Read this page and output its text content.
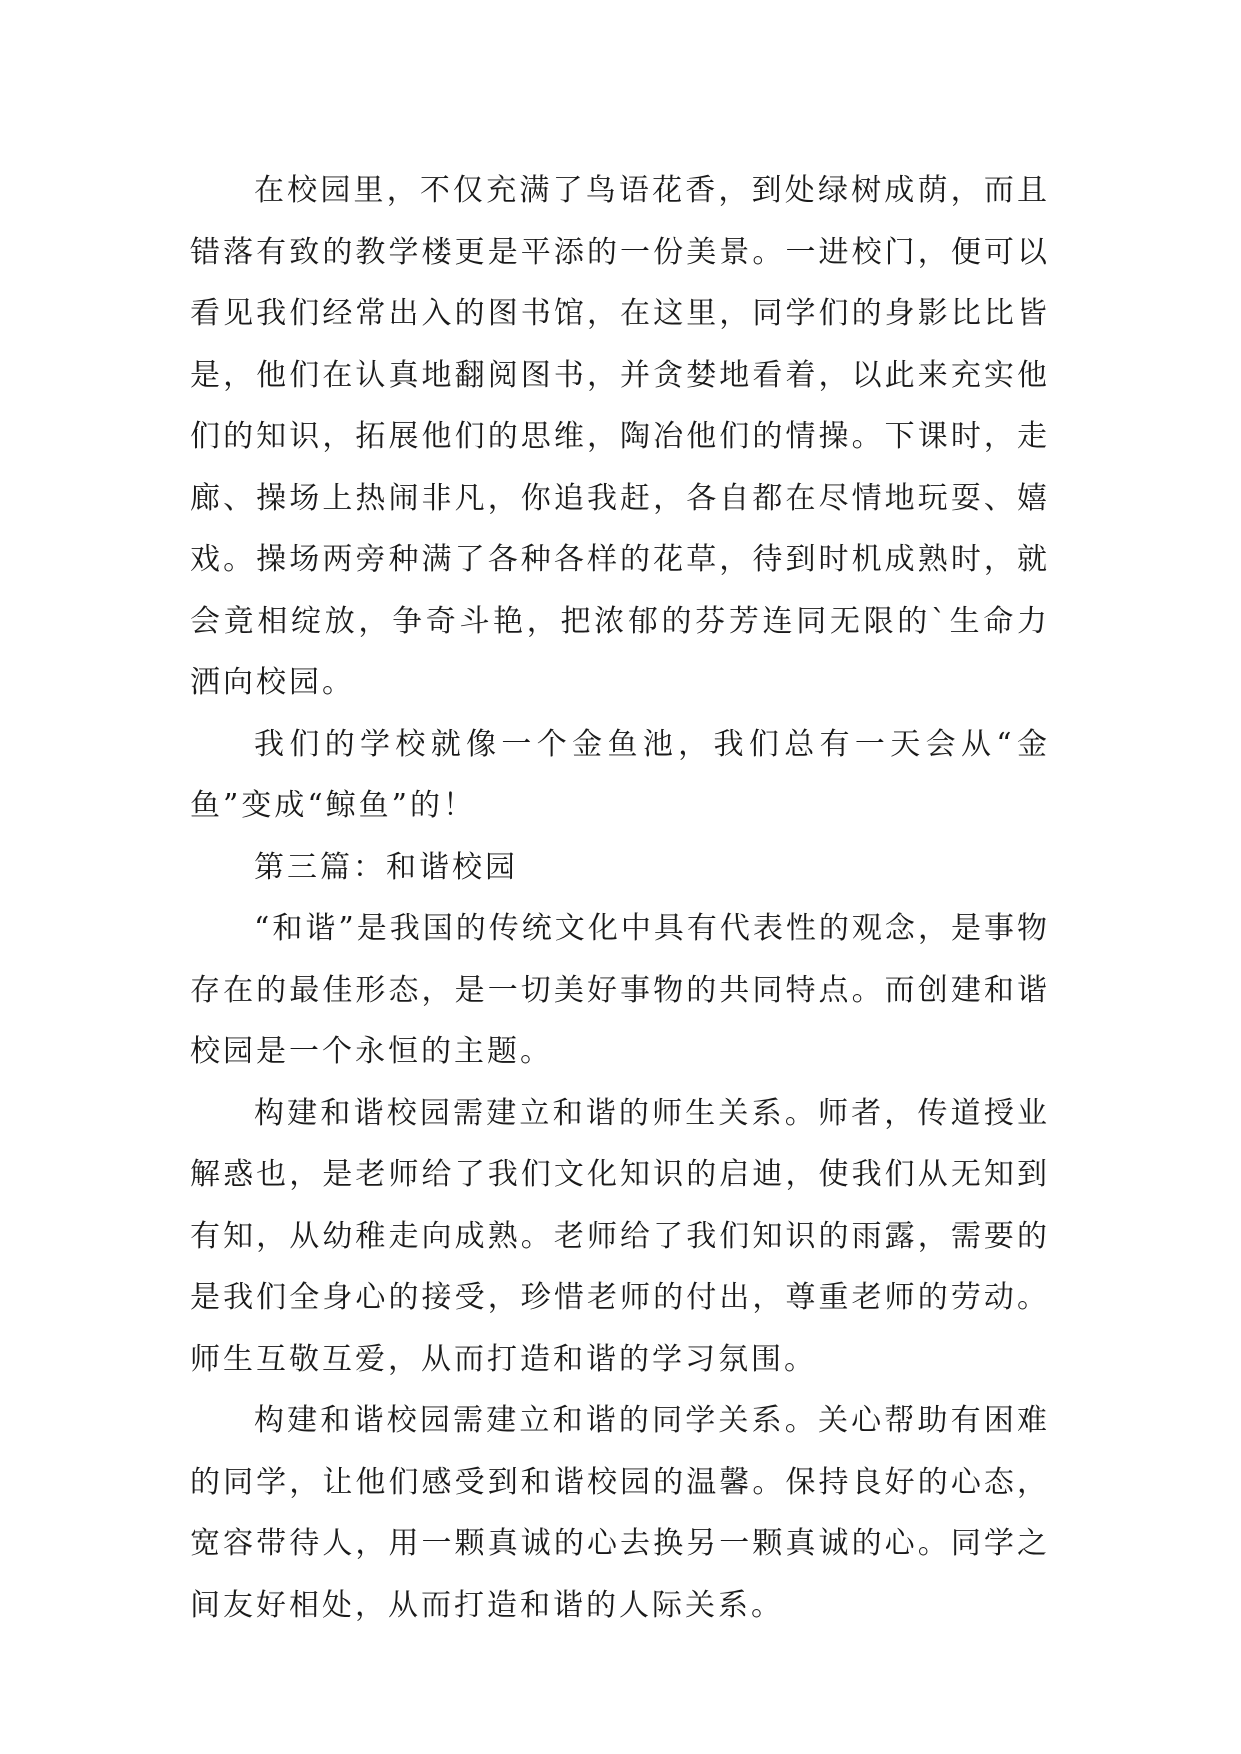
在校园里，不仅充满了鸟语花香，到处绿树成荫，而且错落有致的教学楼更是平添的一份美景。一进校门，便可以看见我们经常出入的图书馆，在这里，同学们的身影比比皆是，他们在认真地翻阅图书，并贪婪地看着，以此来充实他们的知识，拓展他们的思维，陶冶他们的情操。下课时，走廊、操场上热闹非凡，你追我赶，各自都在尽情地玩耍、嬉戏。操场两旁种满了各种各样的花草，待到时机成熟时，就会竟相绽放，争奇斗艳，把浓郁的芬芳连同无限的`生命力洒向校园。

我们的学校就像一个金鱼池，我们总有一天会从“金鱼”变成“鲸鱼”的！

第三篇：和谐校园

“和谐”是我国的传统文化中具有代表性的观念，是事物存在的最佳形态，是一切美好事物的共同特点。而创建和谐校园是一个永恒的主题。

构建和谐校园需建立和谐的师生关系。师者，传道授业解惑也，是老师给了我们文化知识的启迪，使我们从无知到有知，从幼稚走向成熟。老师给了我们知识的雨露，需要的是我们全身心的接受，珍惜老师的付出，尊重老师的劳动。师生互敬互爱，从而打造和谐的学习氛围。

构建和谐校园需建立和谐的同学关系。关心帮助有困难的同学，让他们感受到和谐校园的温馨。保持良好的心态，宽容带待人，用一颗真诚的心去换另一颗真诚的心。同学之间友好相处，从而打造和谐的人际关系。
